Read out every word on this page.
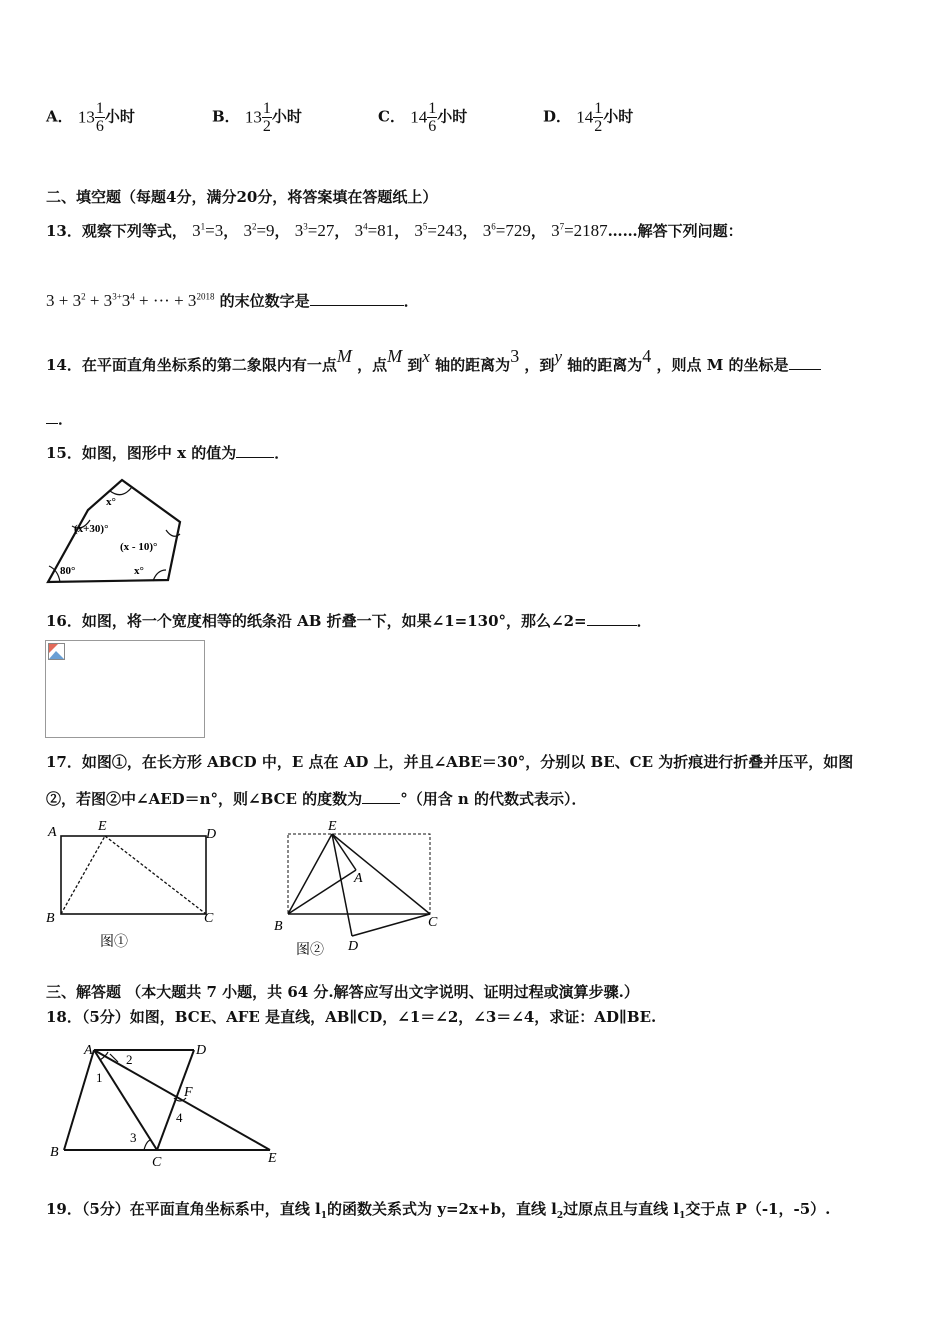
A． $13 \frac{1}{6}$ 小时	B． $13 \frac{1}{2}$ 小时	C． $14 \frac{1}{6}$ 小时	D． $14 \frac{1}{2}$ 小时
二、填空题（每题4分，满分20分，将答案填在答题纸上）
13．观察下列等式， $3^1=3$， $3^2=9$， $3^3=27$， $3^4=81$， $3^5=243$， $3^6=729$， $3^7=2187\dots\dots$解答下列问题：
$3 + 3^2 + 3^{3+}3^4$ + ··· + $3^{2018}$ 的末位数字是	．
14．在平面直角坐标系的第二象限内有一点M ，点M 到x 轴的距离为3 ，到y 轴的距离为4 ，则点 M 的坐标是
．
15．如图，图形中 x 的值为	．
x°
(x+30)°
(x - 10)°
80°	x°
16．如图，将一个宽度相等的纸条沿 AB 折叠一下，如果∠1=130°，那么∠2=	．
17．如图①，在长方形 ABCD 中，E 点在 AD 上，并且∠ABE＝30°，分别以 BE、CE 为折痕进行折叠并压平，如图
②，若图②中∠AED＝n°，则∠BCE 的度数为	°（用含 n 的代数式表示）．
A	E
D
B	C
图①
E
A
B	C
D
图②
三、解答题 （本大题共 7 小题，共 64 分.解答应写出文字说明、证明过程或演算步骤.）
18．（5分）如图，BCE、AFE 是直线，AB∥CD，∠1＝∠2，∠3＝∠4，求证：AD∥BE.
A	D
B
C	E
F
1
2
3
4
19．（5分）在平面直角坐标系中，直线 $l_1$的函数关系式为 y=2x+b，直线 $l_2$过原点且与直线 $l_1$交于点 P（-1，-5）.
